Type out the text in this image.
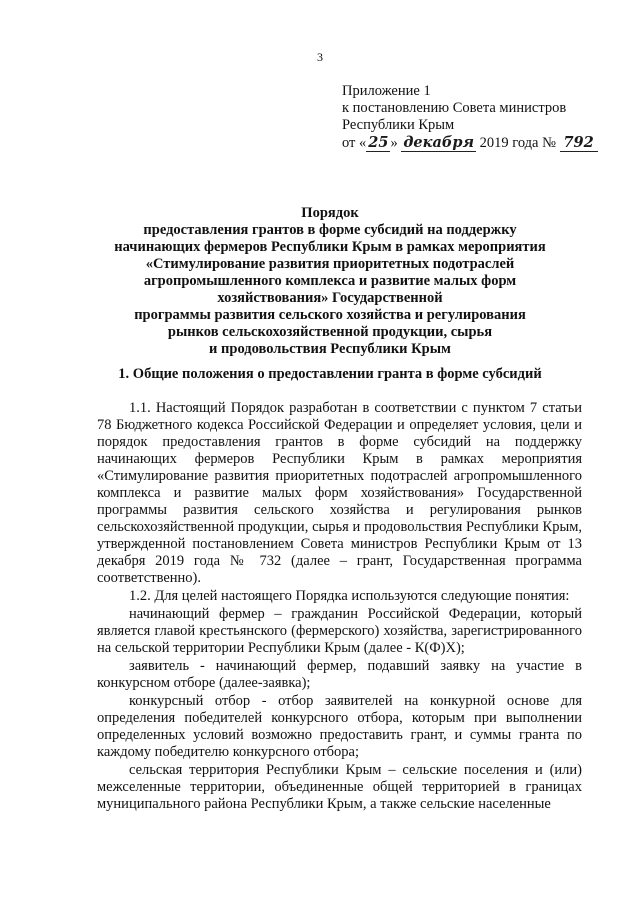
3
Приложение 1
к постановлению Совета министров
Республики Крым
от « 25 » декабря 2019 года № 792
Порядок
предоставления грантов в форме субсидий на поддержку
начинающих фермеров Республики Крым в рамках мероприятия
«Стимулирование развития приоритетных подотраслей
агропромышленного комплекса и развитие малых форм
хозяйствования» Государственной
программы развития сельского хозяйства и регулирования
рынков сельскохозяйственной продукции, сырья
и продовольствия Республики Крым
1. Общие положения о предоставлении гранта в форме субсидий

1.1. Настоящий Порядок разработан в соответствии с пунктом 7 статьи 78 Бюджетного кодекса Российской Федерации и определяет условия, цели и порядок предоставления грантов в форме субсидий на поддержку начинающих фермеров Республики Крым в рамках мероприятия «Стимулирование развития приоритетных подотраслей агропромышленного комплекса и развитие малых форм хозяйствования» Государственной программы развития сельского хозяйства и регулирования рынков сельскохозяйственной продукции, сырья и продовольствия Республики Крым, утвержденной постановлением Совета министров Республики Крым от 13 декабря 2019 года № 732 (далее – грант, Государственная программа соответственно).

1.2. Для целей настоящего Порядка используются следующие понятия:

начинающий фермер – гражданин Российской Федерации, который является главой крестьянского (фермерского) хозяйства, зарегистрированного на сельской территории Республики Крым (далее - К(Ф)Х);

заявитель - начинающий фермер, подавший заявку на участие в конкурсном отборе (далее-заявка);

конкурсный отбор - отбор заявителей на конкурной основе для определения победителей конкурсного отбора, которым при выполнении определенных условий возможно предоставить грант, и суммы гранта по каждому победителю конкурсного отбора;

сельская территория Республики Крым – сельские поселения и (или) межселенные территории, объединенные общей территорией в границах муниципального района Республики Крым, а также сельские населенные
